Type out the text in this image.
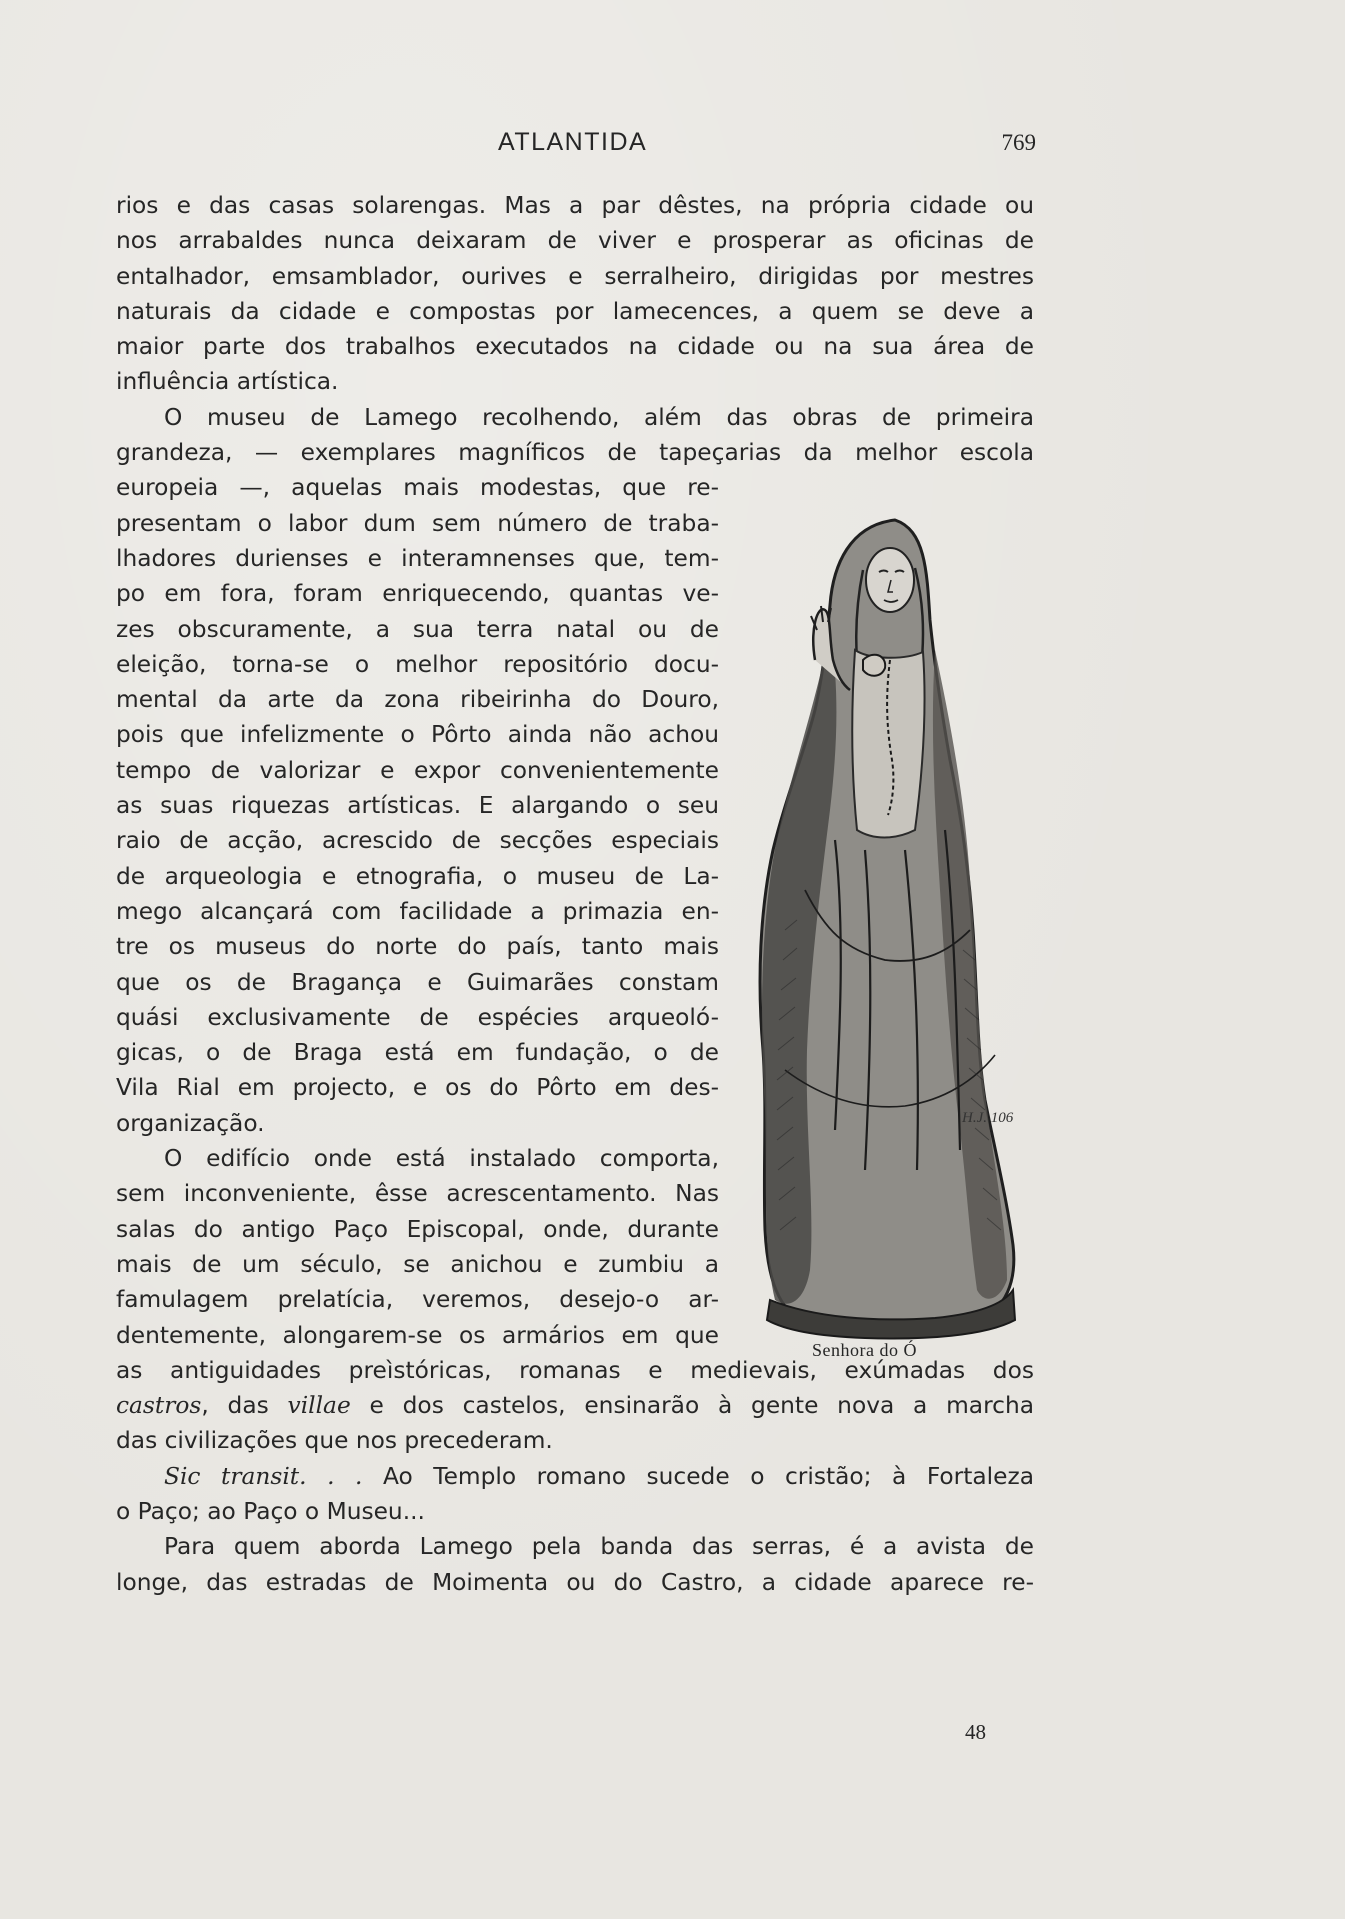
ATLANTIDA	769
rios e das casas solarengas. Mas a par dêstes, na própria cidade ou
nos arrabaldes nunca deixaram de viver e prosperar as oficinas de
entalhador, emsamblador, ourives e serralheiro, dirigidas por mestres
naturais da cidade e compostas por lamecences, a quem se deve a
maior parte dos trabalhos executados na cidade ou na sua área de
influência artística.
O museu de Lamego recolhendo, além das obras de primeira
grandeza, — exemplares magníficos de tapeçarias da melhor escola
europeia —, aquelas mais modestas, que re-
presentam o labor dum sem número de traba-
lhadores durienses e interamnenses que, tem-
po em fora, foram enriquecendo, quantas ve-
zes obscuramente, a sua terra natal ou de
eleição, torna-se o melhor repositório docu-
mental da arte da zona ribeirinha do Douro,
pois que infelizmente o Pôrto ainda não achou
tempo de valorizar e expor convenientemente
as suas riquezas artísticas. E alargando o seu
raio de acção, acrescido de secções especiais
de arqueologia e etnografia, o museu de La-
mego alcançará com facilidade a primazia en-
tre os museus do norte do país, tanto mais
que os de Bragança e Guimarães constam
quási exclusivamente de espécies arqueoló-
gicas, o de Braga está em fundação, o de
Vila Rial em projecto, e os do Pôrto em des-
organização.
O edifício onde está instalado comporta,
sem inconveniente, êsse acrescentamento. Nas
salas do antigo Paço Episcopal, onde, durante
mais de um século, se anichou e zumbiu a
famulagem prelatícia, veremos, desejo-o ar-
dentemente, alongarem-se os armários em que
as antiguidades preìstóricas, romanas e medievais, exúmadas dos
castros, das villae e dos castelos, ensinarão à gente nova a marcha
das civilizações que nos precederam.
Sic transit. . . Ao Templo romano sucede o cristão; à Fortaleza
o Paço; ao Paço o Museu...
Para quem aborda Lamego pela banda das serras, é a avista de
longe, das estradas de Moimenta ou do Castro, a cidade aparece re-
H.J. 106
Senhora do Ó
48
